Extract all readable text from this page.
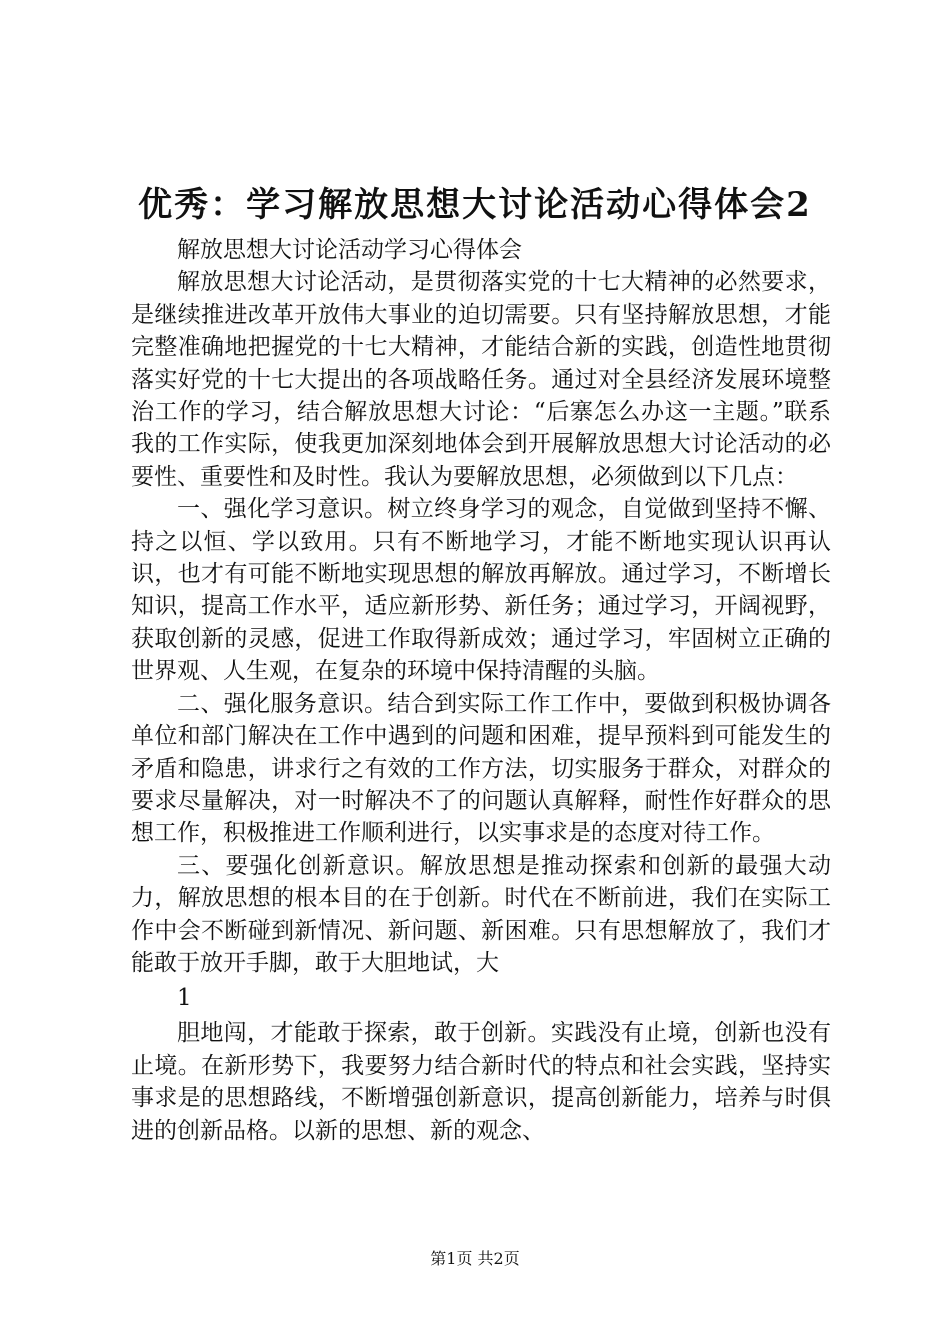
优秀：学习解放思想大讨论活动心得体会2

解放思想大讨论活动学习心得体会

解放思想大讨论活动，是贯彻落实党的十七大精神的必然要求，是继续推进改革开放伟大事业的迫切需要。只有坚持解放思想，才能完整准确地把握党的十七大精神，才能结合新的实践，创造性地贯彻落实好党的十七大提出的各项战略任务。通过对全县经济发展环境整治工作的学习，结合解放思想大讨论：“后寨怎么办这一主题。”联系我的工作实际，使我更加深刻地体会到开展解放思想大讨论活动的必要性、重要性和及时性。我认为要解放思想，必须做到以下几点：

一、强化学习意识。树立终身学习的观念，自觉做到坚持不懈、持之以恒、学以致用。只有不断地学习，才能不断地实现认识再认识，也才有可能不断地实现思想的解放再解放。通过学习，不断增长知识，提高工作水平，适应新形势、新任务；通过学习，开阔视野，获取创新的灵感，促进工作取得新成效；通过学习，牢固树立正确的世界观、人生观，在复杂的环境中保持清醒的头脑。

二、强化服务意识。结合到实际工作工作中，要做到积极协调各单位和部门解决在工作中遇到的问题和困难，提早预料到可能发生的矛盾和隐患，讲求行之有效的工作方法，切实服务于群众，对群众的要求尽量解决，对一时解决不了的问题认真解释，耐性作好群众的思想工作，积极推进工作顺利进行，以实事求是的态度对待工作。

三、要强化创新意识。解放思想是推动探索和创新的最强大动力，解放思想的根本目的在于创新。时代在不断前进，我们在实际工作中会不断碰到新情况、新问题、新困难。只有思想解放了，我们才能敢于放开手脚，敢于大胆地试，大

1

胆地闯，才能敢于探索，敢于创新。实践没有止境，创新也没有止境。在新形势下，我要努力结合新时代的特点和社会实践，坚持实事求是的思想路线，不断增强创新意识，提高创新能力，培养与时俱进的创新品格。以新的思想、新的观念、

第1页 共2页
